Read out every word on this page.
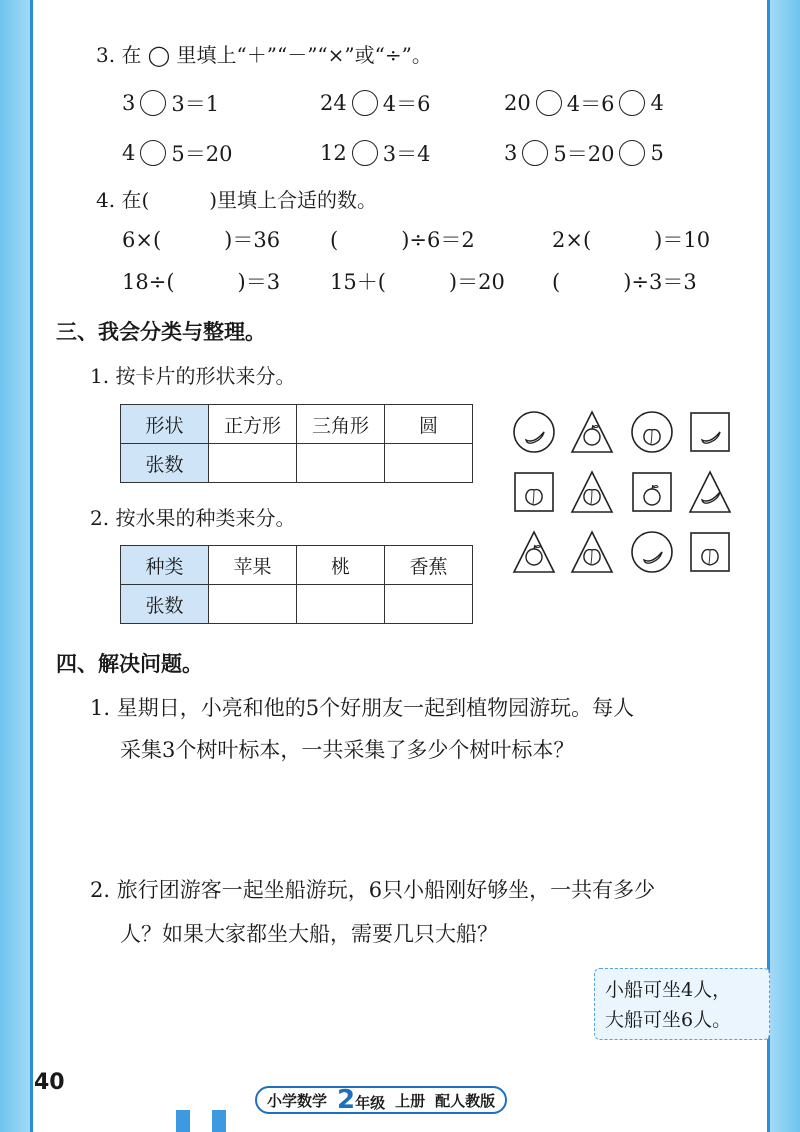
3. 在 ◯ 里填上“＋”“－”“×”或“÷”。
3 3＝1	24 4＝6	20 4＝6 4
4 5＝20	12 3＝4	3 5＝20 5
4. 在(　　　)里填上合适的数。
6×(　　　)＝36 (　　　)÷6＝2	2×(　　　)＝10
18÷(　　　)＝3 15＋(　　　)＝20 (　　　)÷3＝3
三、我会分类与整理。
1. 按卡片的形状来分。
形状	正方形	三角形	圆
张数			
2. 按水果的种类来分。
种类	苹果	桃	香蕉
张数			
四、解决问题。
1. 星期日，小亮和他的5个好朋友一起到植物园游玩。每人
采集3个树叶标本，一共采集了多少个树叶标本？
2. 旅行团游客一起坐船游玩，6只小船刚好够坐，一共有多少
人？如果大家都坐大船，需要几只大船？
小船可坐4人，
大船可坐6人。
40
小学数学 2年级 上册 配人教版
